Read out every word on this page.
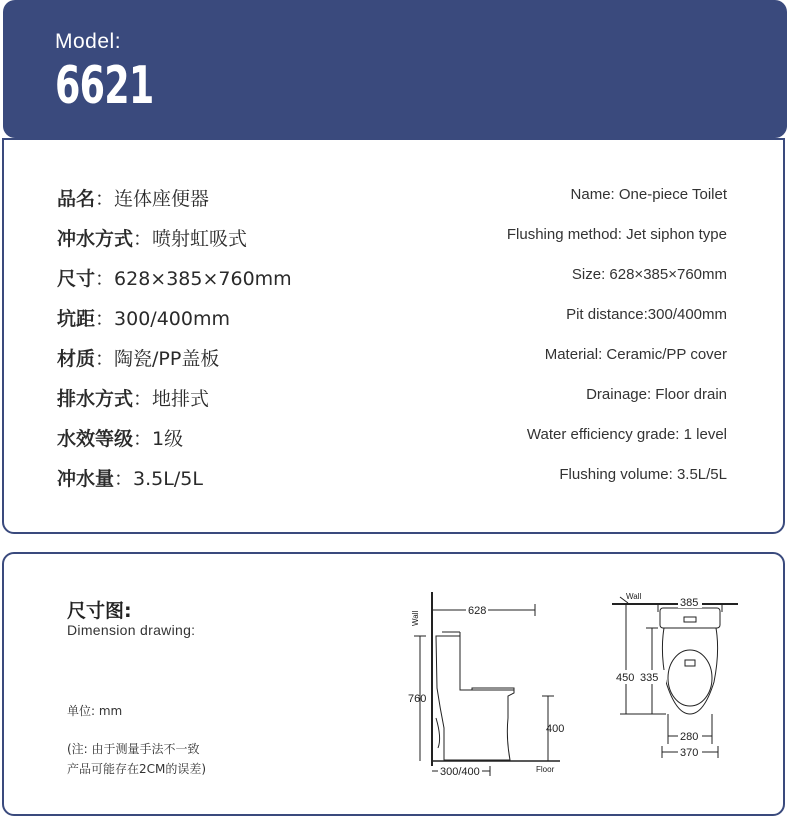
Model:
6621
品名：连体座便器	Name: One-piece Toilet
冲水方式：喷射虹吸式	Flushing method: Jet siphon type
尺寸：628×385×760mm	Size: 628×385×760mm
坑距：300/400mm	Pit distance:300/400mm
材质：陶瓷/PP盖板	Material: Ceramic/PP cover
排水方式：地排式	Drainage: Floor drain
水效等级：1级	Water efficiency grade: 1 level
冲水量：3.5L/5L	Flushing volume: 3.5L/5L
尺寸图:
Dimension drawing:
单位: mm
(注: 由于测量手法不一致
产品可能存在2CM的误差)
Wall	628
760
400
300/400	Floor
Wall
385
450 335
280
370
